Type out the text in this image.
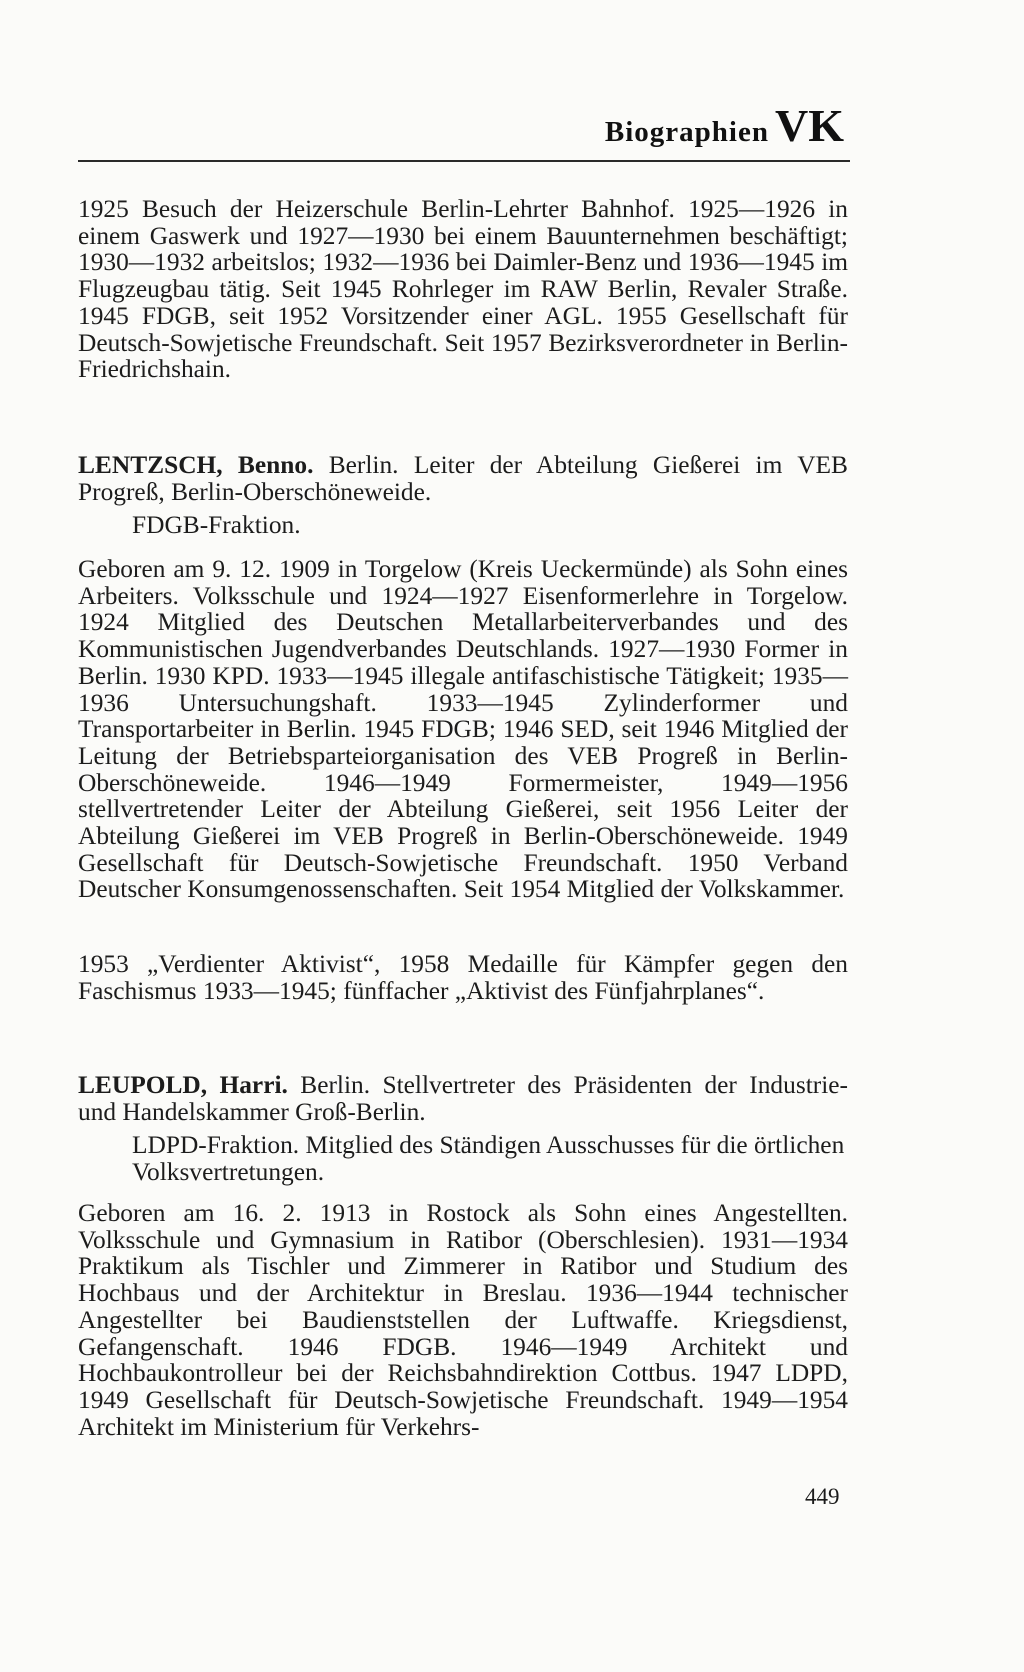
Biographien VK

1925 Besuch der Heizerschule Berlin-Lehrter Bahnhof. 1925—1926 in einem Gaswerk und 1927—1930 bei einem Bauunternehmen beschäftigt; 1930—1932 arbeitslos; 1932—1936 bei Daimler-Benz und 1936—1945 im Flugzeugbau tätig. Seit 1945 Rohrleger im RAW Berlin, Revaler Straße. 1945 FDGB, seit 1952 Vorsitzender einer AGL. 1955 Gesellschaft für Deutsch-Sowjetische Freundschaft. Seit 1957 Bezirksverordneter in Berlin-Friedrichshain.

LENTZSCH, Benno. Berlin. Leiter der Abteilung Gießerei im VEB Progreß, Berlin-Oberschöneweide.

FDGB-Fraktion.

Geboren am 9. 12. 1909 in Torgelow (Kreis Ueckermünde) als Sohn eines Arbeiters. Volksschule und 1924—1927 Eisenformerlehre in Torgelow. 1924 Mitglied des Deutschen Metallarbeiterverbandes und des Kommunistischen Jugendverbandes Deutschlands. 1927—1930 Former in Berlin. 1930 KPD. 1933—1945 illegale antifaschistische Tätigkeit; 1935—1936 Untersuchungshaft. 1933—1945 Zylinderformer und Transportarbeiter in Berlin. 1945 FDGB; 1946 SED, seit 1946 Mitglied der Leitung der Betriebsparteiorganisation des VEB Progreß in Berlin-Oberschöneweide. 1946—1949 Formermeister, 1949—1956 stellvertretender Leiter der Abteilung Gießerei, seit 1956 Leiter der Abteilung Gießerei im VEB Progreß in Berlin-Oberschöneweide. 1949 Gesellschaft für Deutsch-Sowjetische Freundschaft. 1950 Verband Deutscher Konsumgenossenschaften. Seit 1954 Mitglied der Volkskammer.

1953 „Verdienter Aktivist“, 1958 Medaille für Kämpfer gegen den Faschismus 1933—1945; fünffacher „Aktivist des Fünfjahrplanes“.

LEUPOLD, Harri. Berlin. Stellvertreter des Präsidenten der Industrie- und Handelskammer Groß-Berlin.

LDPD-Fraktion. Mitglied des Ständigen Ausschusses für die örtlichen Volksvertretungen.

Geboren am 16. 2. 1913 in Rostock als Sohn eines Angestellten. Volksschule und Gymnasium in Ratibor (Oberschlesien). 1931—1934 Praktikum als Tischler und Zimmerer in Ratibor und Studium des Hochbaus und der Architektur in Breslau. 1936—1944 technischer Angestellter bei Baudienststellen der Luftwaffe. Kriegsdienst, Gefangenschaft. 1946 FDGB. 1946—1949 Architekt und Hochbaukontrolleur bei der Reichsbahndirektion Cottbus. 1947 LDPD, 1949 Gesellschaft für Deutsch-Sowjetische Freundschaft. 1949—1954 Architekt im Ministerium für Verkehrs-

449
